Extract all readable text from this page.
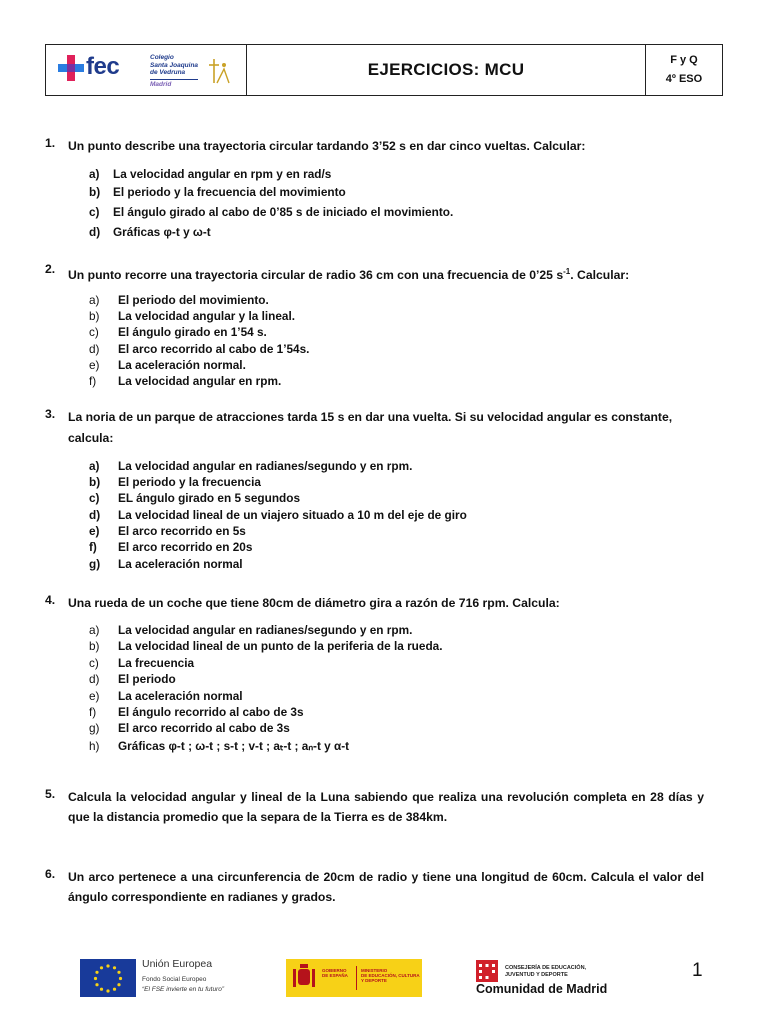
fec	Colegio
Santa Joaquina
de Vedruna
Madrid
EJERCICIOS: MCU	F y Q
4º ESO
1. Un punto describe una trayectoria circular tardando 3’52 s en dar cinco vueltas. Calcular:
a) La velocidad angular en rpm y en rad/s
b) El periodo y la frecuencia del movimiento
c) El ángulo girado al cabo de 0’85 s de iniciado el movimiento.
d) Gráficas φ-t y ω-t
2. Un punto recorre una trayectoria circular de radio 36 cm con una frecuencia de 0’25 $s^{-1}$. Calcular:
a) El periodo del movimiento.
b) La velocidad angular y la lineal.
c) El ángulo girado en 1’54 s.
d) El arco recorrido al cabo de 1’54s.
e) La aceleración normal.
f) La velocidad angular en rpm.
3. La noria de un parque de atracciones tarda 15 s en dar una vuelta. Si su velocidad angular es constante, calcula:
a) La velocidad angular en radianes/segundo y en rpm.
b) El periodo y la frecuencia
c) EL ángulo girado en 5 segundos
d) La velocidad lineal de un viajero situado a 10 m del eje de giro
e) El arco recorrido en 5s
f) El arco recorrido en 20s
g) La aceleración normal
4. Una rueda de un coche que tiene 80cm de diámetro gira a razón de 716 rpm. Calcula:
a) La velocidad angular en radianes/segundo y en rpm.
b) La velocidad lineal de un punto de la periferia de la rueda.
c) La frecuencia
d) El periodo
e) La aceleración normal
f) El ángulo recorrido al cabo de 3s
g) El arco recorrido al cabo de 3s
h) Gráficas φ-t ; ω-t ; s-t ; v-t ; aₜ-t ; aₙ-t y α-t
5. Calcula la velocidad angular y lineal de la Luna sabiendo que realiza una revolución completa en 28 días y que la distancia promedio que la separa de la Tierra es de 384km.
6. Un arco pertenece a una circunferencia de 20cm de radio y tiene una longitud de 60cm. Calcula el valor del ángulo correspondiente en radianes y grados.
Unión Europea
Fondo Social Europeo
“El FSE invierte en tu futuro”
GOBIERNO
DE ESPAÑA
MINISTERIO
DE EDUCACIÓN, CULTURA
Y DEPORTE
CONSEJERÍA DE EDUCACIÓN,
JUVENTUD Y DEPORTE
Comunidad de Madrid
1
